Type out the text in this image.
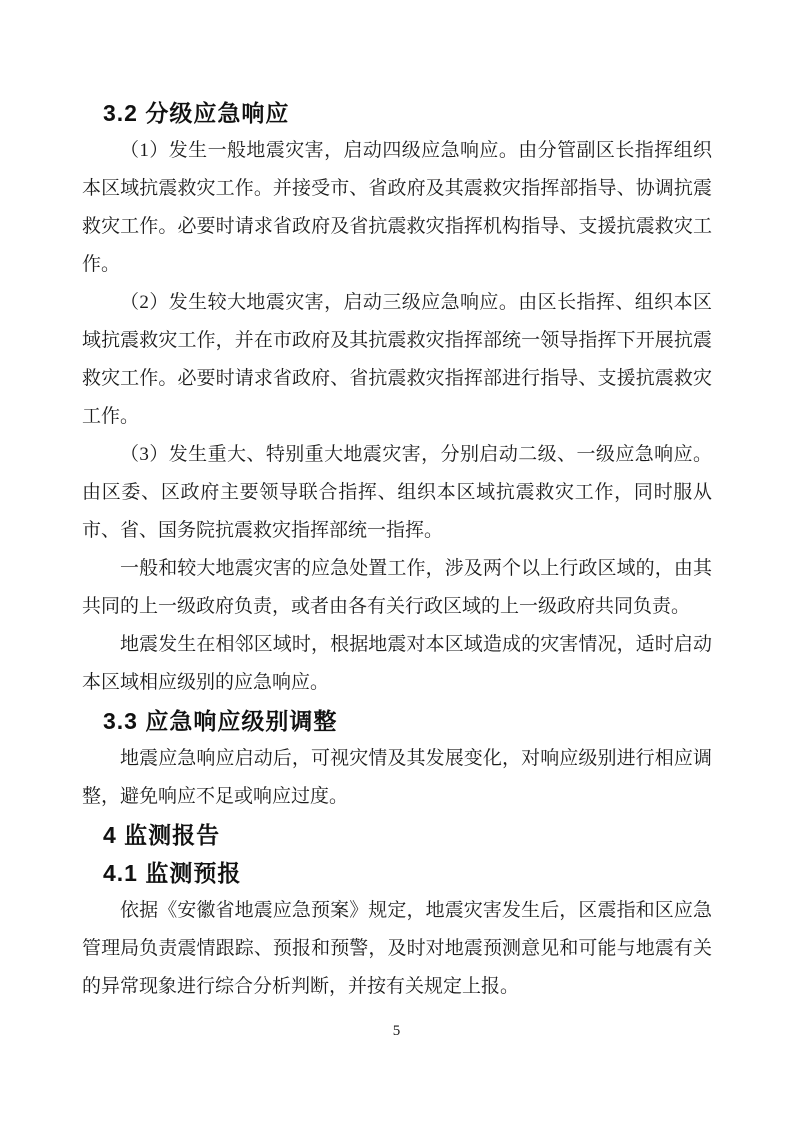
3.2 分级应急响应
（1）发生一般地震灾害，启动四级应急响应。由分管副区长指挥组织本区域抗震救灾工作。并接受市、省政府及其震救灾指挥部指导、协调抗震救灾工作。必要时请求省政府及省抗震救灾指挥机构指导、支援抗震救灾工作。
（2）发生较大地震灾害，启动三级应急响应。由区长指挥、组织本区域抗震救灾工作，并在市政府及其抗震救灾指挥部统一领导指挥下开展抗震救灾工作。必要时请求省政府、省抗震救灾指挥部进行指导、支援抗震救灾工作。
（3）发生重大、特别重大地震灾害，分别启动二级、一级应急响应。由区委、区政府主要领导联合指挥、组织本区域抗震救灾工作，同时服从市、省、国务院抗震救灾指挥部统一指挥。
一般和较大地震灾害的应急处置工作，涉及两个以上行政区域的，由其共同的上一级政府负责，或者由各有关行政区域的上一级政府共同负责。
地震发生在相邻区域时，根据地震对本区域造成的灾害情况，适时启动本区域相应级别的应急响应。
3.3 应急响应级别调整
地震应急响应启动后，可视灾情及其发展变化，对响应级别进行相应调整，避免响应不足或响应过度。
4 监测报告
4.1 监测预报
依据《安徽省地震应急预案》规定，地震灾害发生后，区震指和区应急管理局负责震情跟踪、预报和预警，及时对地震预测意见和可能与地震有关的异常现象进行综合分析判断，并按有关规定上报。
5
